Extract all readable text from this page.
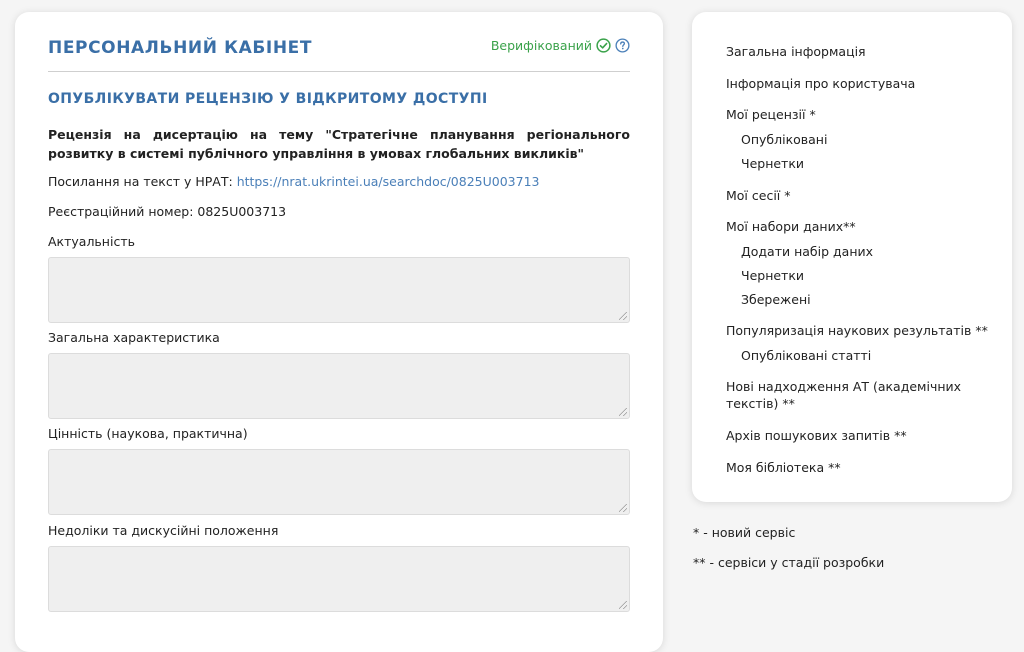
ПЕРСОНАЛЬНИЙ КАБІНЕТ	Верифікований
ОПУБЛІКУВАТИ РЕЦЕНЗІЮ У ВІДКРИТОМУ ДОСТУПІ
Рецензія на дисертацію на тему "Стратегічне планування регіонального розвитку в системі публічного управління в умовах глобальних викликів"
Посилання на текст у НРАТ: https://nrat.ukrintei.ua/searchdoc/0825U003713
Реєстраційний номер: 0825U003713
Актуальність
Загальна характеристика
Цінність (наукова, практична)
Недоліки та дискусійні положення
Загальна інформація
Інформація про користувача
Мої рецензії *
Опубліковані
Чернетки
Мої сесії *
Мої набори даних**
Додати набір даних
Чернетки
Збережені
Популяризація наукових результатів **
Опубліковані статті
Нові надходження АТ (академічних текстів) **
Архів пошукових запитів **
Моя бібліотека **
* - новий сервіс
** - сервіси у стадії розробки
